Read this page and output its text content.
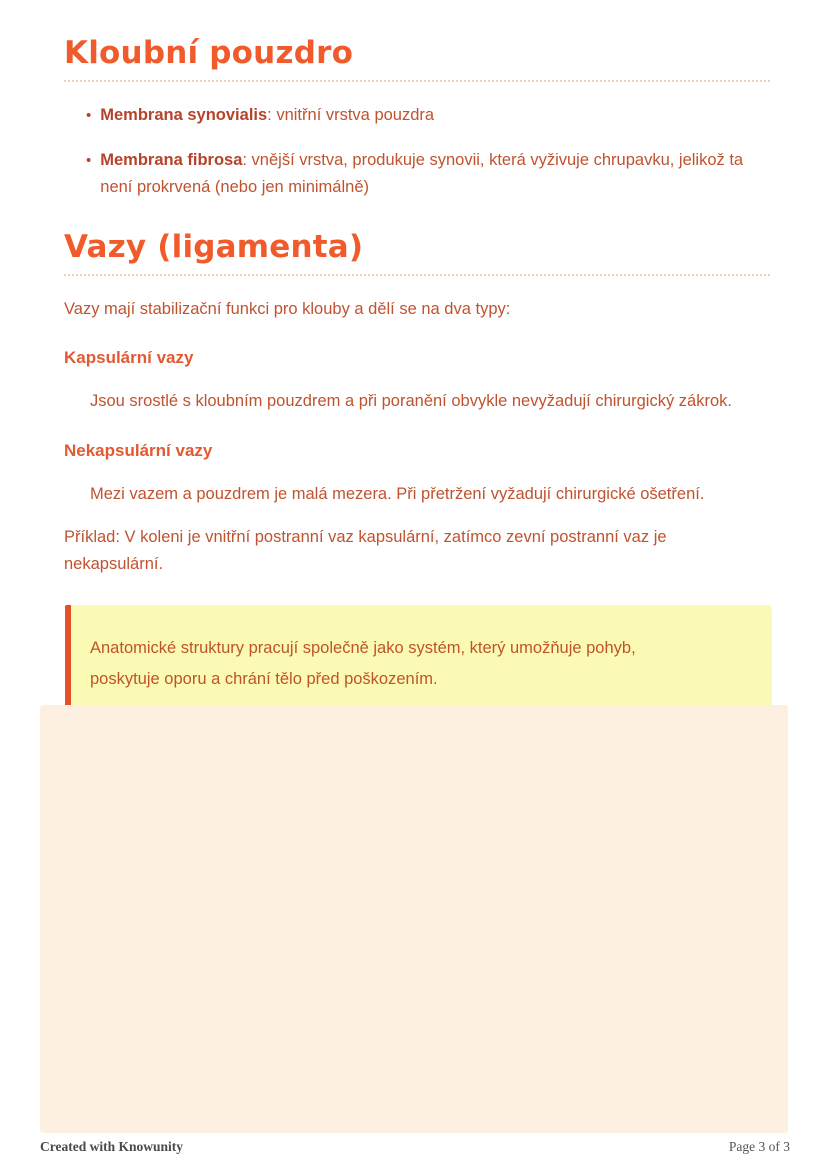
Kloubní pouzdro
• Membrana synovialis: vnitřní vrstva pouzdra
• Membrana fibrosa: vnější vrstva, produkuje synovii, která vyživuje chrupavku, jelikož ta není prokrvená (nebo jen minimálně)
Vazy (ligamenta)

Vazy mají stabilizační funkci pro klouby a dělí se na dva typy:

Kapsulární vazy

Jsou srostlé s kloubním pouzdrem a při poranění obvykle nevyžadují chirurgický zákrok.

Nekapsulární vazy

Mezi vazem a pouzdrem je malá mezera. Při přetržení vyžadují chirurgické ošetření.

Příklad: V koleni je vnitřní postranní vaz kapsulární, zatímco zevní postranní vaz je nekapsulární.

Anatomické struktury pracují společně jako systém, který umožňuje pohyb, poskytuje oporu a chrání tělo před poškozením.

Created with Knowunity	Page 3 of 3
